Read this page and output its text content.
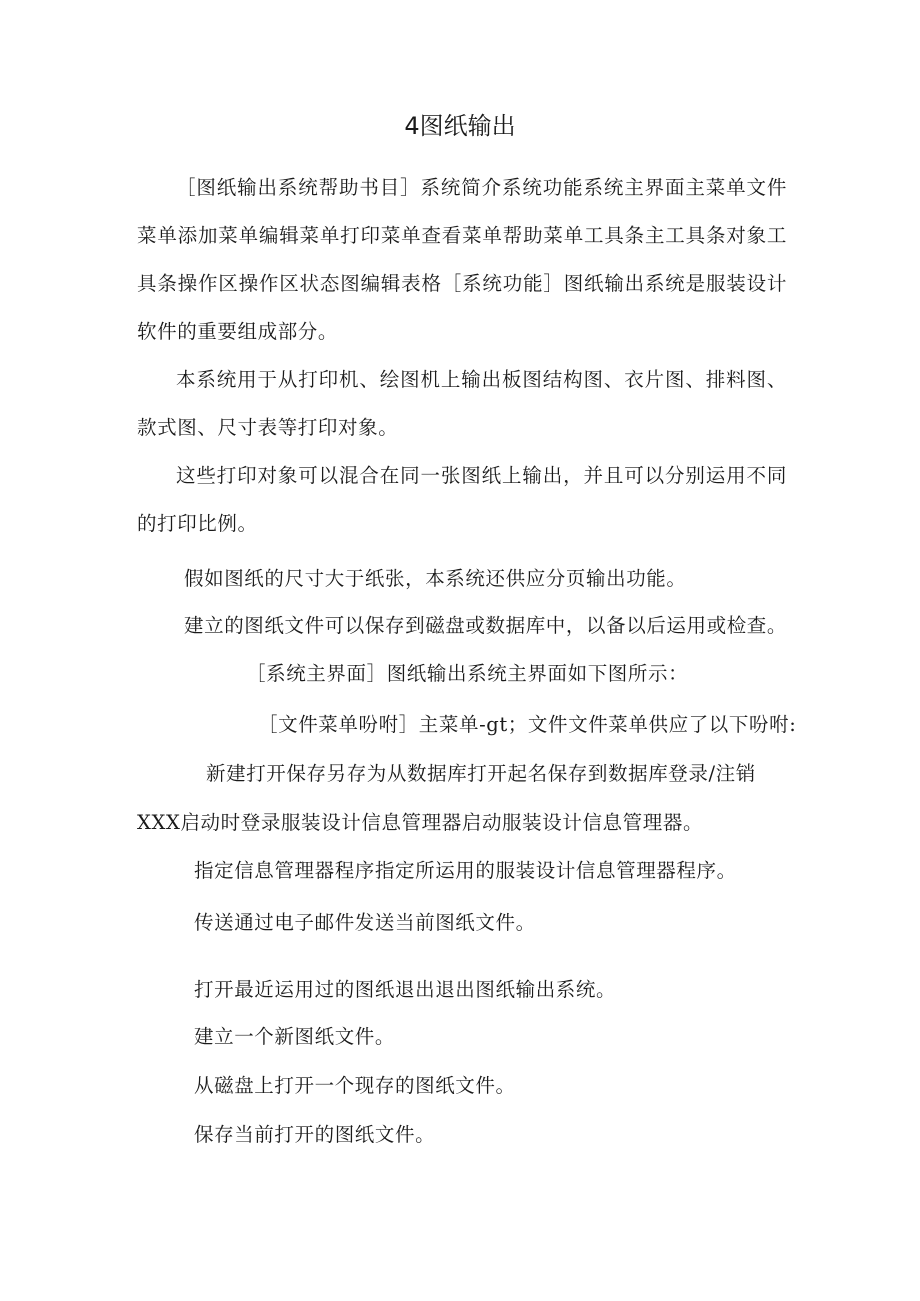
4图纸输出

［图纸输出系统帮助书目］系统简介系统功能系统主界面主菜单文件菜单添加菜单编辑菜单打印菜单查看菜单帮助菜单工具条主工具条对象工具条操作区操作区状态图编辑表格［系统功能］图纸输出系统是服装设计软件的重要组成部分。

本系统用于从打印机、绘图机上输出板图结构图、衣片图、排料图、款式图、尺寸表等打印对象。

这些打印对象可以混合在同一张图纸上输出，并且可以分别运用不同的打印比例。

假如图纸的尺寸大于纸张，本系统还供应分页输出功能。

建立的图纸文件可以保存到磁盘或数据库中，以备以后运用或检查。

［系统主界面］图纸输出系统主界面如下图所示：

［文件菜单吩咐］主菜单-gt；文件文件菜单供应了以下吩咐:

新建打开保存另存为从数据库打开起名保存到数据库登录/注销

XXX启动时登录服装设计信息管理器启动服装设计信息管理器。

指定信息管理器程序指定所运用的服装设计信息管理器程序。

传送通过电子邮件发送当前图纸文件。

打开最近运用过的图纸退出退出图纸输出系统。

建立一个新图纸文件。

从磁盘上打开一个现存的图纸文件。

保存当前打开的图纸文件。
